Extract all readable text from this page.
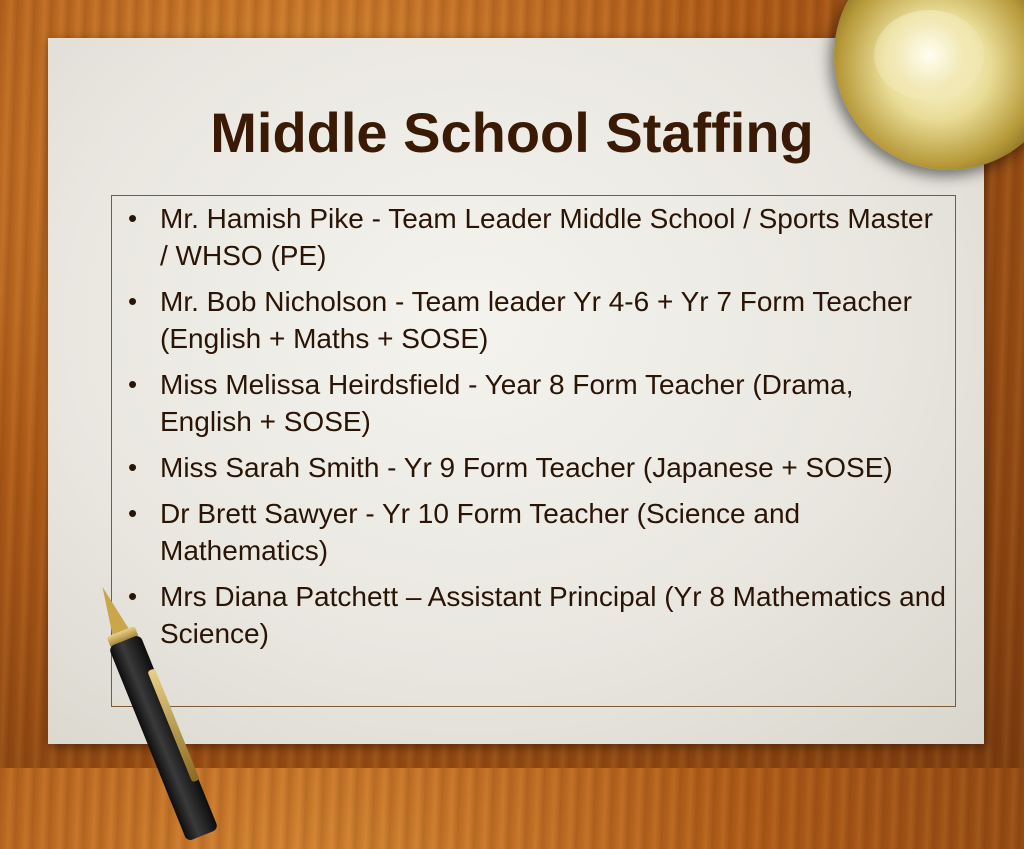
Middle School Staffing
• Mr. Hamish Pike - Team Leader Middle School / Sports Master / WHSO (PE)
• Mr. Bob Nicholson - Team leader Yr 4-6 + Yr 7 Form Teacher (English + Maths + SOSE)
• Miss Melissa Heirdsfield - Year 8 Form Teacher (Drama, English + SOSE)
• Miss Sarah Smith - Yr 9 Form Teacher (Japanese + SOSE)
• Dr Brett Sawyer - Yr 10 Form Teacher (Science and Mathematics)
• Mrs Diana Patchett – Assistant Principal (Yr 8 Mathematics and Science)
